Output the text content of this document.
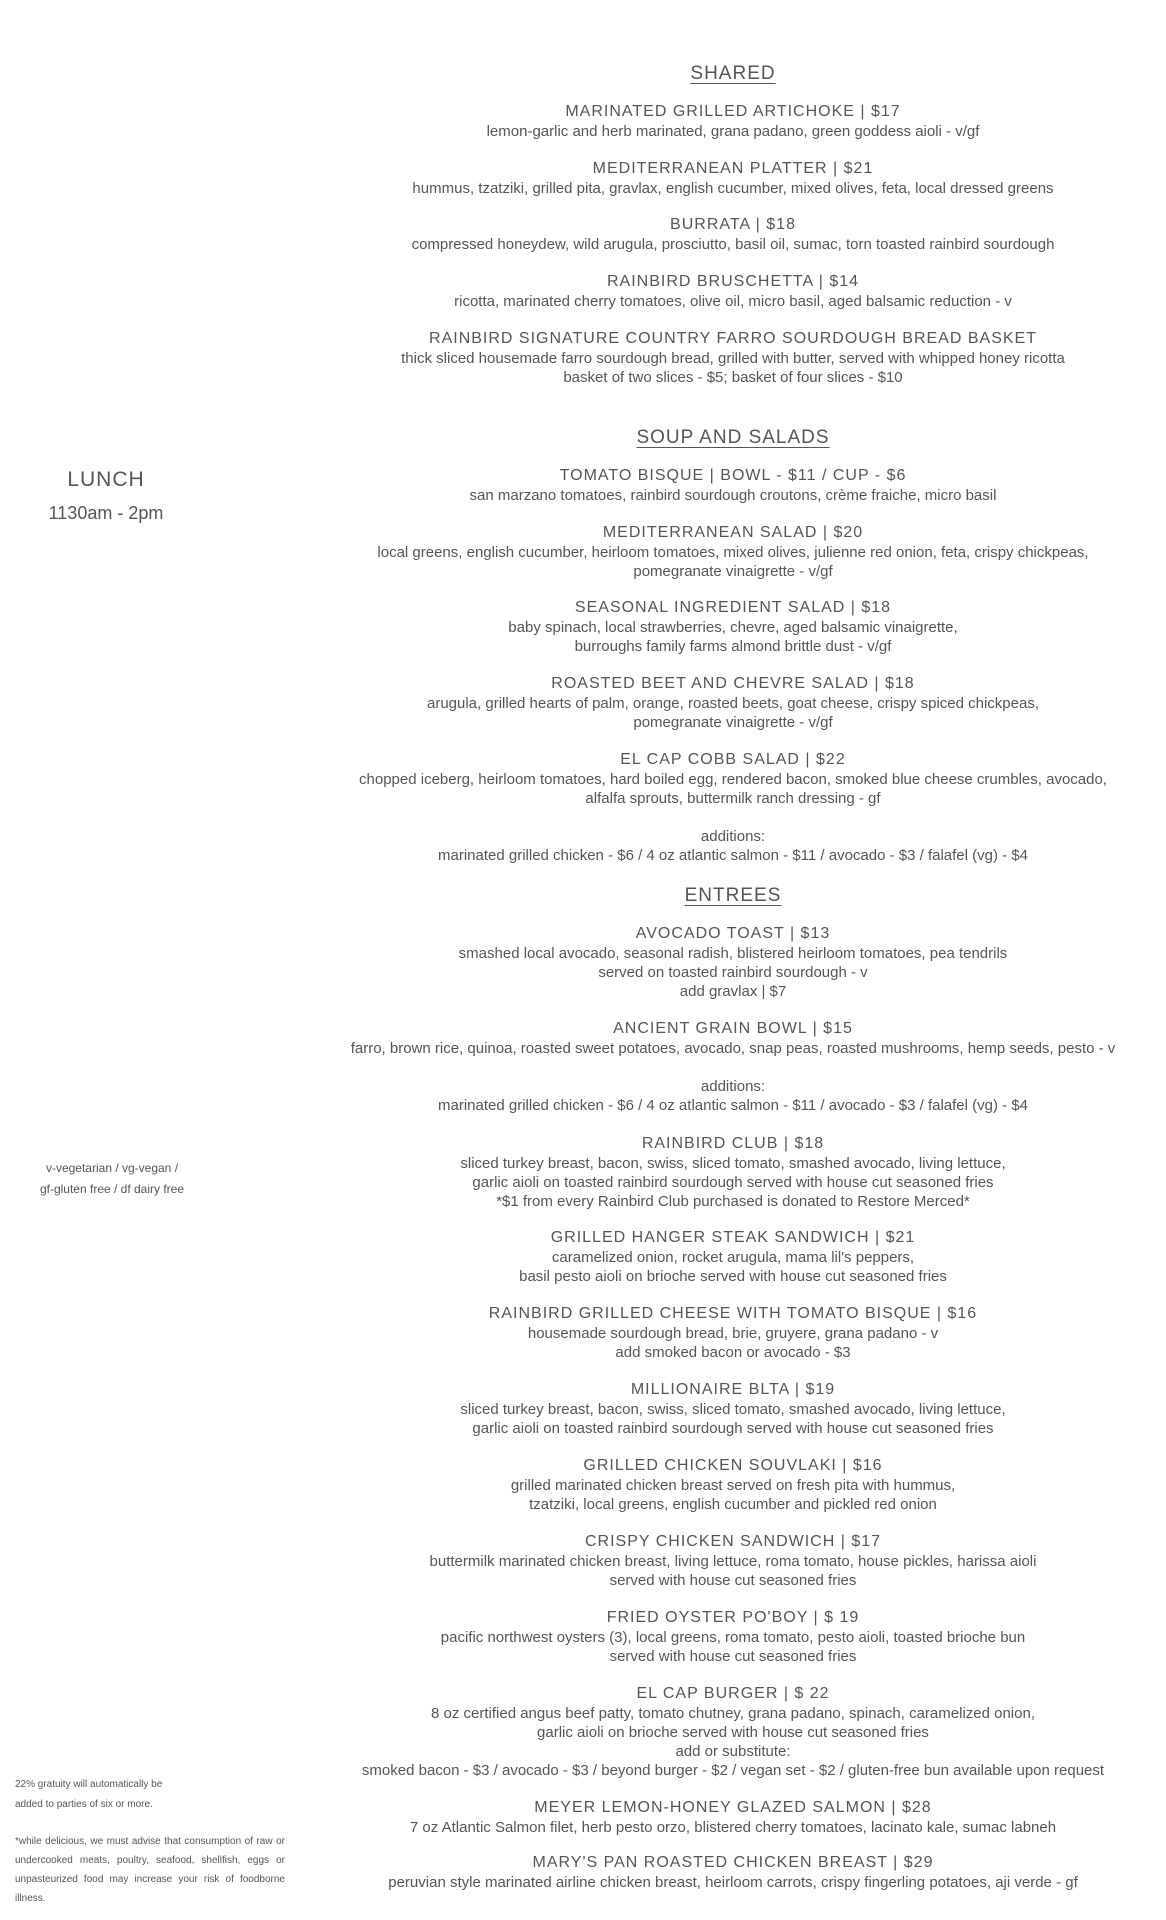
LUNCH
1130am - 2pm
v-vegetarian / vg-vegan /
gf-gluten free / df dairy free
22% gratuity will automatically be
added to parties of six or more.
*while delicious, we must advise that consumption of raw or undercooked meats, poultry, seafood, shellfish, eggs or unpasteurized food may increase your risk of foodborne illness.
SHARED
MARINATED GRILLED ARTICHOKE | $17
lemon-garlic and herb marinated, grana padano, green goddess aioli - v/gf
MEDITERRANEAN PLATTER | $21
hummus, tzatziki, grilled pita, gravlax, english cucumber, mixed olives, feta, local dressed greens
BURRATA | $18
compressed honeydew, wild arugula, prosciutto, basil oil, sumac, torn toasted rainbird sourdough
RAINBIRD BRUSCHETTA | $14
ricotta, marinated cherry tomatoes, olive oil, micro basil, aged balsamic reduction - v
RAINBIRD SIGNATURE COUNTRY FARRO SOURDOUGH BREAD BASKET
thick sliced housemade farro sourdough bread, grilled with butter, served with whipped honey ricotta
basket of two slices - $5; basket of four slices - $10
SOUP AND SALADS
TOMATO BISQUE | BOWL - $11 / CUP - $6
san marzano tomatoes, rainbird sourdough croutons, crème fraiche, micro basil
MEDITERRANEAN SALAD | $20
local greens, english cucumber, heirloom tomatoes, mixed olives, julienne red onion, feta, crispy chickpeas,
pomegranate vinaigrette - v/gf
SEASONAL INGREDIENT SALAD | $18
baby spinach, local strawberries, chevre, aged balsamic vinaigrette,
burroughs family farms almond brittle dust - v/gf
ROASTED BEET AND CHEVRE SALAD | $18
arugula, grilled hearts of palm, orange, roasted beets, goat cheese, crispy spiced chickpeas,
pomegranate vinaigrette - v/gf
EL CAP COBB SALAD | $22
chopped iceberg, heirloom tomatoes, hard boiled egg, rendered bacon, smoked blue cheese crumbles, avocado,
alfalfa sprouts, buttermilk ranch dressing - gf
additions:
marinated grilled chicken - $6 / 4 oz atlantic salmon - $11 / avocado - $3 / falafel (vg) - $4
ENTREES
AVOCADO TOAST | $13
smashed local avocado, seasonal radish, blistered heirloom tomatoes, pea tendrils
served on toasted rainbird sourdough - v
add gravlax | $7
ANCIENT GRAIN BOWL | $15
farro, brown rice, quinoa, roasted sweet potatoes, avocado, snap peas, roasted mushrooms, hemp seeds, pesto - v
additions:
marinated grilled chicken - $6 / 4 oz atlantic salmon - $11 / avocado - $3 / falafel (vg) - $4
RAINBIRD CLUB | $18
sliced turkey breast, bacon, swiss, sliced tomato, smashed avocado, living lettuce,
garlic aioli on toasted rainbird sourdough served with house cut seasoned fries
*$1 from every Rainbird Club purchased is donated to Restore Merced*
GRILLED HANGER STEAK SANDWICH | $21
caramelized onion, rocket arugula, mama lil's peppers,
basil pesto aioli on brioche served with house cut seasoned fries
RAINBIRD GRILLED CHEESE WITH TOMATO BISQUE | $16
housemade sourdough bread, brie, gruyere, grana padano - v
add smoked bacon or avocado - $3
MILLIONAIRE BLTA | $19
sliced turkey breast, bacon, swiss, sliced tomato, smashed avocado, living lettuce,
garlic aioli on toasted rainbird sourdough served with house cut seasoned fries
GRILLED CHICKEN SOUVLAKI | $16
grilled marinated chicken breast served on fresh pita with hummus,
tzatziki, local greens, english cucumber and pickled red onion
CRISPY CHICKEN SANDWICH | $17
buttermilk marinated chicken breast, living lettuce, roma tomato, house pickles, harissa aioli
served with house cut seasoned fries
FRIED OYSTER PO'BOY | $ 19
pacific northwest oysters (3), local greens, roma tomato, pesto aioli, toasted brioche bun
served with house cut seasoned fries
EL CAP BURGER | $ 22
8 oz certified angus beef patty, tomato chutney, grana padano, spinach, caramelized onion,
garlic aioli on brioche served with house cut seasoned fries
add or substitute:
smoked bacon - $3 / avocado - $3 / beyond burger - $2 / vegan set - $2 / gluten-free bun available upon request
MEYER LEMON-HONEY GLAZED SALMON | $28
7 oz Atlantic Salmon filet, herb pesto orzo, blistered cherry tomatoes, lacinato kale, sumac labneh
MARY'S PAN ROASTED CHICKEN BREAST | $29
peruvian style marinated airline chicken breast, heirloom carrots, crispy fingerling potatoes, aji verde - gf
